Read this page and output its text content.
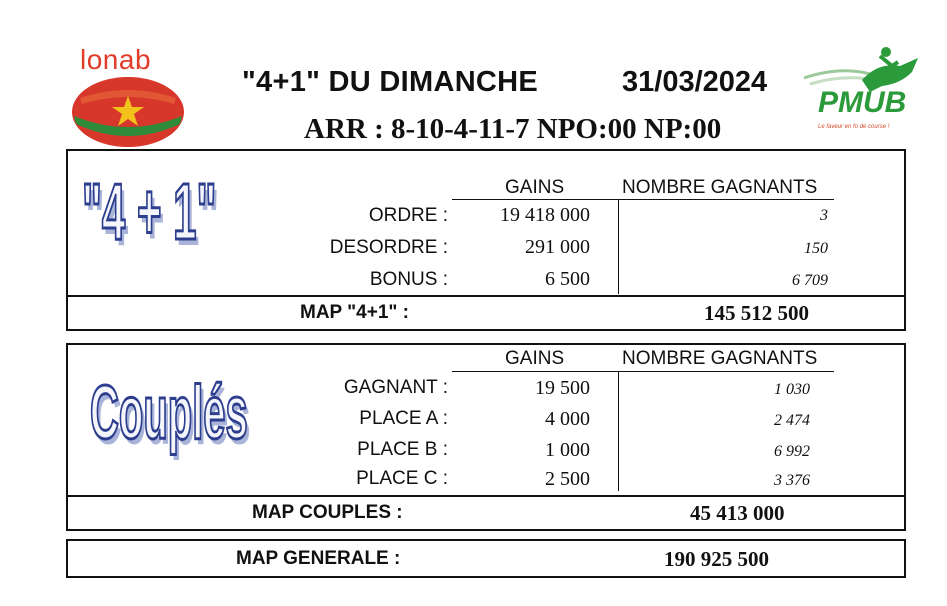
lonab
"4+1" DU DIMANCHE	31/03/2024
ARR : 8-10-4-11-7 NPO:00 NP:00
PMUB
Le faveur en fo de course !
"4 + 1"	GAINS	NOMBRE GAGNANTS
ORDRE :	19 418 000	3
DESORDRE :	291 000	150
BONUS :	6 500	6 709
MAP "4+1" :	145 512 500
Couplés
GAINS	NOMBRE GAGNANTS
GAGNANT :	19 500	1 030
PLACE A :	4 000	2 474
PLACE B :	1 000	6 992
PLACE C :	2 500	3 376
MAP COUPLES :	45 413 000
MAP GENERALE :	190 925 500
